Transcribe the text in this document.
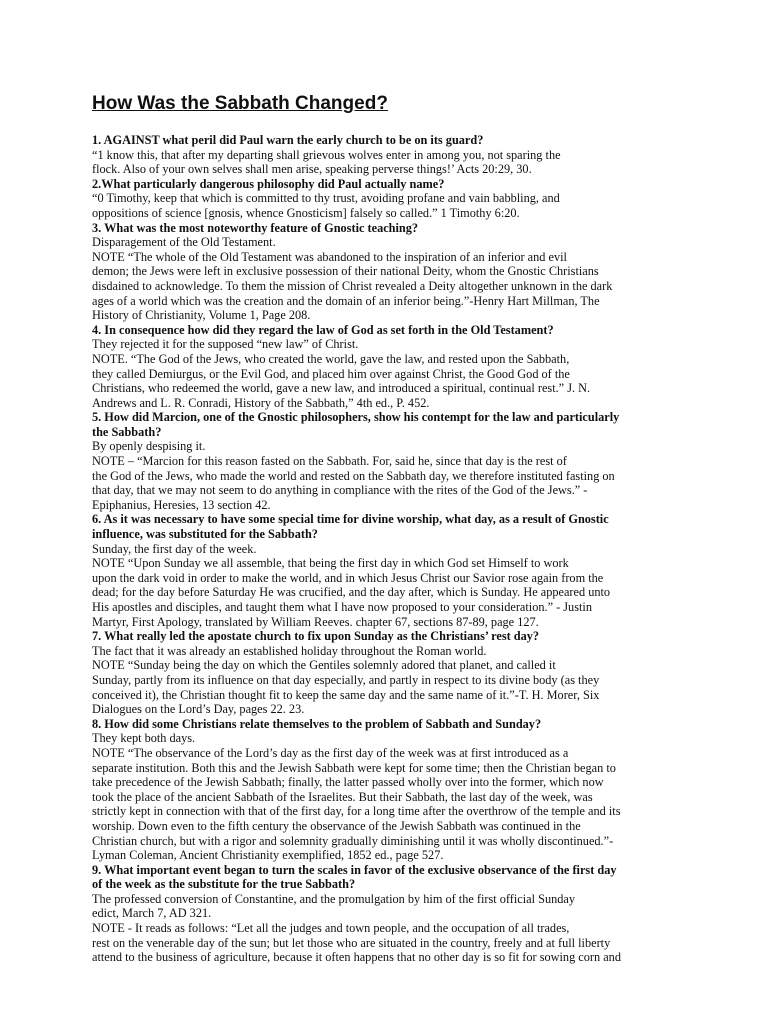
How Was the Sabbath Changed?
1. AGAINST what peril did Paul warn the early church to be on its guard?
“1 know this, that after my departing shall grievous wolves enter in among you, not sparing the
flock. Also of your own selves shall men arise, speaking perverse things!’ Acts 20:29, 30.
2.What particularly dangerous philosophy did Paul actually name?
“0 Timothy, keep that which is committed to thy trust, avoiding profane and vain babbling, and
oppositions of science [gnosis, whence Gnosticism] falsely so called.” 1 Timothy 6:20.
3. What was the most noteworthy feature of Gnostic teaching?
Disparagement of the Old Testament.
NOTE “The whole of the Old Testament was abandoned to the inspiration of an inferior and evil
demon; the Jews were left in exclusive possession of their national Deity, whom the Gnostic Christians
disdained to acknowledge. To them the mission of Christ revealed a Deity altogether unknown in the dark
ages of a world which was the creation and the domain of an inferior being.”-Henry Hart Millman, The
History of Christianity, Volume 1, Page 208.
4. In consequence how did they regard the law of God as set forth in the Old Testament?
They rejected it for the supposed “new law” of Christ.
NOTE. “The God of the Jews, who created the world, gave the law, and rested upon the Sabbath,
they called Demiurgus, or the Evil God, and placed him over against Christ, the Good God of the
Christians, who redeemed the world, gave a new law, and introduced a spiritual, continual rest.” J. N.
Andrews and L. R. Conradi, History of the Sabbath,” 4th ed., P. 452.
5. How did Marcion, one of the Gnostic philosophers, show his contempt for the law and particularly
the Sabbath?
By openly despising it.
NOTE – “Marcion for this reason fasted on the Sabbath. For, said he, since that day is the rest of
the God of the Jews, who made the world and rested on the Sabbath day, we therefore instituted fasting on
that day, that we may not seem to do anything in compliance with the rites of the God of the Jews.” -
Epiphanius, Heresies, 13 section 42.
6. As it was necessary to have some special time for divine worship, what day, as a result of Gnostic
influence, was substituted for the Sabbath?
Sunday, the first day of the week.
NOTE “Upon Sunday we all assemble, that being the first day in which God set Himself to work
upon the dark void in order to make the world, and in which Jesus Christ our Savior rose again from the
dead; for the day before Saturday He was crucified, and the day after, which is Sunday. He appeared unto
His apostles and disciples, and taught them what I have now proposed to your consideration.” - Justin
Martyr, First Apology, translated by William Reeves. chapter 67, sections 87-89, page 127.
7. What really led the apostate church to fix upon Sunday as the Christians’ rest day?
The fact that it was already an established holiday throughout the Roman world.
NOTE “Sunday being the day on which the Gentiles solemnly adored that planet, and called it
Sunday, partly from its influence on that day especially, and partly in respect to its divine body (as they
conceived it), the Christian thought fit to keep the same day and the same name of it.”-T. H. Morer, Six
Dialogues on the Lord’s Day, pages 22. 23.
8. How did some Christians relate themselves to the problem of Sabbath and Sunday?
They kept both days.
NOTE “The observance of the Lord’s day as the first day of the week was at first introduced as a
separate institution. Both this and the Jewish Sabbath were kept for some time; then the Christian began to
take precedence of the Jewish Sabbath; finally, the latter passed wholly over into the former, which now
took the place of the ancient Sabbath of the Israelites. But their Sabbath, the last day of the week, was
strictly kept in connection with that of the first day, for a long time after the overthrow of the temple and its
worship. Down even to the fifth century the observance of the Jewish Sabbath was continued in the
Christian church, but with a rigor and solemnity gradually diminishing until it was wholly discontinued.”-
Lyman Coleman, Ancient Christianity exemplified, 1852 ed., page 527.
9. What important event began to turn the scales in favor of the exclusive observance of the first day
of the week as the substitute for the true Sabbath?
The professed conversion of Constantine, and the promulgation by him of the first official Sunday
edict, March 7, AD 321.
NOTE - It reads as follows: “Let all the judges and town people, and the occupation of all trades,
rest on the venerable day of the sun; but let those who are situated in the country, freely and at full liberty
attend to the business of agriculture, because it often happens that no other day is so fit for sowing corn and
